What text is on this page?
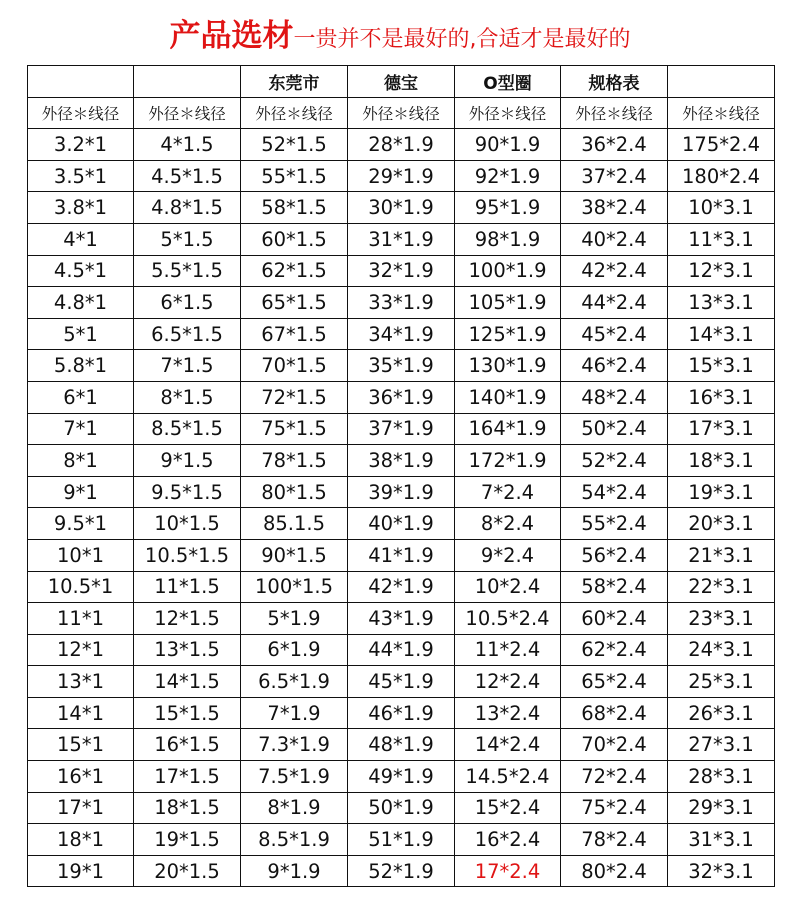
产品选材一贵并不是最好的,合适才是最好的
		东莞市	德宝	O型圈	规格表	
外径＊线径	外径＊线径	外径＊线径	外径＊线径	外径＊线径	外径＊线径	外径＊线径
3.2*1	4*1.5	52*1.5	28*1.9	90*1.9	36*2.4	175*2.4
3.5*1	4.5*1.5	55*1.5	29*1.9	92*1.9	37*2.4	180*2.4
3.8*1	4.8*1.5	58*1.5	30*1.9	95*1.9	38*2.4	10*3.1
4*1	5*1.5	60*1.5	31*1.9	98*1.9	40*2.4	11*3.1
4.5*1	5.5*1.5	62*1.5	32*1.9	100*1.9	42*2.4	12*3.1
4.8*1	6*1.5	65*1.5	33*1.9	105*1.9	44*2.4	13*3.1
5*1	6.5*1.5	67*1.5	34*1.9	125*1.9	45*2.4	14*3.1
5.8*1	7*1.5	70*1.5	35*1.9	130*1.9	46*2.4	15*3.1
6*1	8*1.5	72*1.5	36*1.9	140*1.9	48*2.4	16*3.1
7*1	8.5*1.5	75*1.5	37*1.9	164*1.9	50*2.4	17*3.1
8*1	9*1.5	78*1.5	38*1.9	172*1.9	52*2.4	18*3.1
9*1	9.5*1.5	80*1.5	39*1.9	7*2.4	54*2.4	19*3.1
9.5*1	10*1.5	85.1.5	40*1.9	8*2.4	55*2.4	20*3.1
10*1	10.5*1.5	90*1.5	41*1.9	9*2.4	56*2.4	21*3.1
10.5*1	11*1.5	100*1.5	42*1.9	10*2.4	58*2.4	22*3.1
11*1	12*1.5	5*1.9	43*1.9	10.5*2.4	60*2.4	23*3.1
12*1	13*1.5	6*1.9	44*1.9	11*2.4	62*2.4	24*3.1
13*1	14*1.5	6.5*1.9	45*1.9	12*2.4	65*2.4	25*3.1
14*1	15*1.5	7*1.9	46*1.9	13*2.4	68*2.4	26*3.1
15*1	16*1.5	7.3*1.9	48*1.9	14*2.4	70*2.4	27*3.1
16*1	17*1.5	7.5*1.9	49*1.9	14.5*2.4	72*2.4	28*3.1
17*1	18*1.5	8*1.9	50*1.9	15*2.4	75*2.4	29*3.1
18*1	19*1.5	8.5*1.9	51*1.9	16*2.4	78*2.4	31*3.1
19*1	20*1.5	9*1.9	52*1.9	17*2.4	80*2.4	32*3.1
